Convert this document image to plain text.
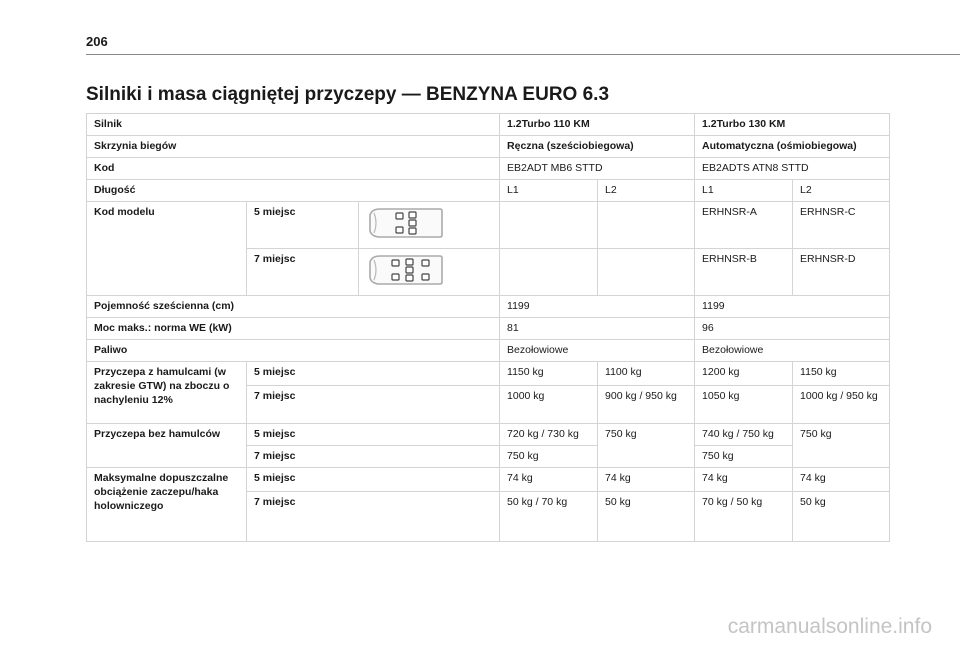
206
Silniki i masa ciągniętej przyczepy — BENZYNA EURO 6.3
Silnik			1.2Turbo 110 KM		1.2Turbo 130 KM	
Skrzynia biegów			Ręczna (sześciobiegowa)		Automatyczna (ośmiobiegowa)	
Kod			EB2ADT MB6 STTD		EB2ADTS ATN8 STTD	
Długość			L1	L2	L1	L2
Kod modelu	5 miejsc				ERHNSR-A	ERHNSR-C
	7 miejsc				ERHNSR-B	ERHNSR-D
Pojemność sześcienna (cm)			1199		1199	
Moc maks.: norma WE (kW)			81		96	
Paliwo			Bezołowiowe		Bezołowiowe	
Przyczepa z hamulcami (w zakresie GTW) na zboczu o nachyleniu 12%	5 miejsc		1150 kg	1100 kg	1200 kg	1150 kg
	7 miejsc		1000 kg	900 kg / 950 kg	1050 kg	1000 kg / 950 kg
Przyczepa bez hamulców	5 miejsc		720 kg / 730 kg	750 kg	740 kg / 750 kg	750 kg
	7 miejsc		750 kg		750 kg	
Maksymalne dopuszczalne obciążenie zaczepu/haka holowniczego	5 miejsc		74 kg	74 kg	74 kg	74 kg
	7 miejsc		50 kg / 70 kg	50 kg	70 kg / 50 kg	50 kg
carmanualsonline.info
